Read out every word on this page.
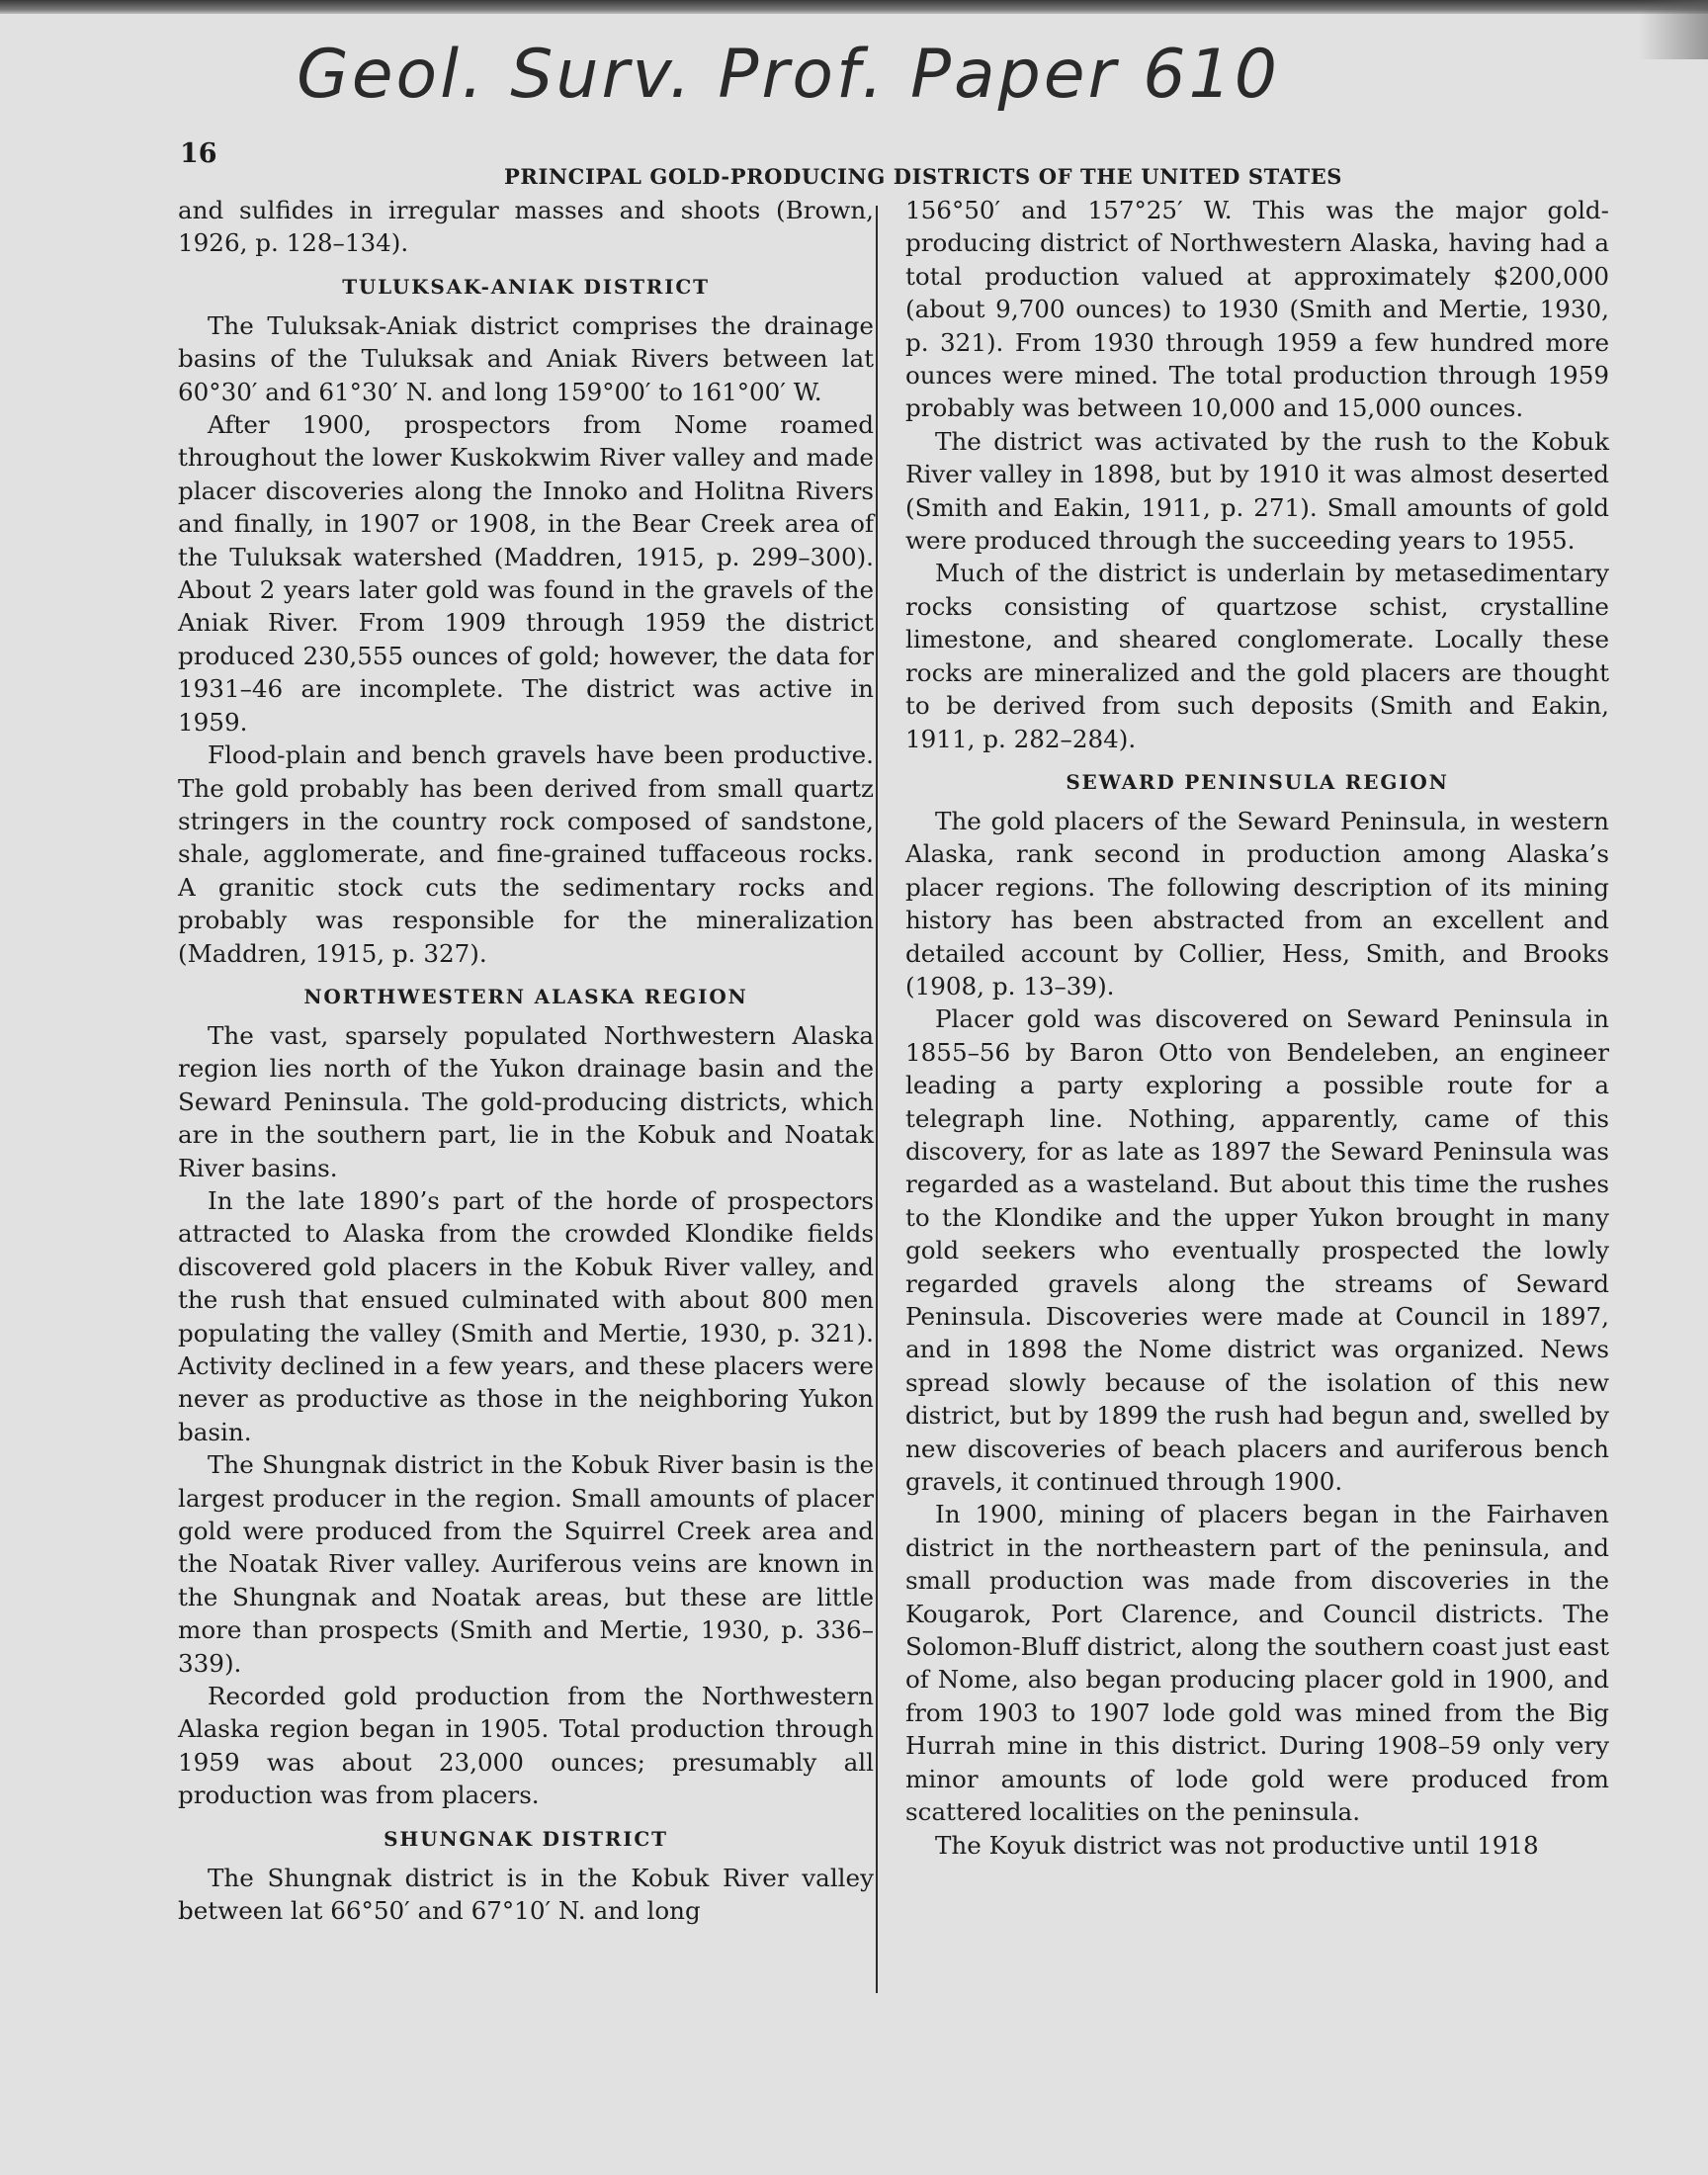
Geol. Surv. Prof. Paper 610
16
PRINCIPAL GOLD-PRODUCING DISTRICTS OF THE UNITED STATES

and sulfides in irregular masses and shoots (Brown, 1926, p. 128–134).

TULUKSAK-ANIAK DISTRICT

The Tuluksak-Aniak district comprises the drainage basins of the Tuluksak and Aniak Rivers between lat 60°30′ and 61°30′ N. and long 159°00′ to 161°00′ W.

After 1900, prospectors from Nome roamed throughout the lower Kuskokwim River valley and made placer discoveries along the Innoko and Holitna Rivers and finally, in 1907 or 1908, in the Bear Creek area of the Tuluksak watershed (Maddren, 1915, p. 299–300). About 2 years later gold was found in the gravels of the Aniak River. From 1909 through 1959 the district produced 230,555 ounces of gold; however, the data for 1931–46 are incomplete. The district was active in 1959.

Flood-plain and bench gravels have been productive. The gold probably has been derived from small quartz stringers in the country rock composed of sandstone, shale, agglomerate, and fine-grained tuffaceous rocks. A granitic stock cuts the sedimentary rocks and probably was responsible for the mineralization (Maddren, 1915, p. 327).

NORTHWESTERN ALASKA REGION

The vast, sparsely populated Northwestern Alaska region lies north of the Yukon drainage basin and the Seward Peninsula. The gold-producing districts, which are in the southern part, lie in the Kobuk and Noatak River basins.

In the late 1890’s part of the horde of prospectors attracted to Alaska from the crowded Klondike fields discovered gold placers in the Kobuk River valley, and the rush that ensued culminated with about 800 men populating the valley (Smith and Mertie, 1930, p. 321). Activity declined in a few years, and these placers were never as productive as those in the neighboring Yukon basin.

The Shungnak district in the Kobuk River basin is the largest producer in the region. Small amounts of placer gold were produced from the Squirrel Creek area and the Noatak River valley. Auriferous veins are known in the Shungnak and Noatak areas, but these are little more than prospects (Smith and Mertie, 1930, p. 336–339).

Recorded gold production from the Northwestern Alaska region began in 1905. Total production through 1959 was about 23,000 ounces; presumably all production was from placers.

SHUNGNAK DISTRICT

The Shungnak district is in the Kobuk River valley between lat 66°50′ and 67°10′ N. and long

156°50′ and 157°25′ W. This was the major gold-producing district of Northwestern Alaska, having had a total production valued at approximately $200,000 (about 9,700 ounces) to 1930 (Smith and Mertie, 1930, p. 321). From 1930 through 1959 a few hundred more ounces were mined. The total production through 1959 probably was between 10,000 and 15,000 ounces.

The district was activated by the rush to the Kobuk River valley in 1898, but by 1910 it was almost deserted (Smith and Eakin, 1911, p. 271). Small amounts of gold were produced through the succeeding years to 1955.

Much of the district is underlain by metasedimentary rocks consisting of quartzose schist, crystalline limestone, and sheared conglomerate. Locally these rocks are mineralized and the gold placers are thought to be derived from such deposits (Smith and Eakin, 1911, p. 282–284).

SEWARD PENINSULA REGION

The gold placers of the Seward Peninsula, in western Alaska, rank second in production among Alaska’s placer regions. The following description of its mining history has been abstracted from an excellent and detailed account by Collier, Hess, Smith, and Brooks (1908, p. 13–39).

Placer gold was discovered on Seward Peninsula in 1855–56 by Baron Otto von Bendeleben, an engineer leading a party exploring a possible route for a telegraph line. Nothing, apparently, came of this discovery, for as late as 1897 the Seward Peninsula was regarded as a wasteland. But about this time the rushes to the Klondike and the upper Yukon brought in many gold seekers who eventually prospected the lowly regarded gravels along the streams of Seward Peninsula. Discoveries were made at Council in 1897, and in 1898 the Nome district was organized. News spread slowly because of the isolation of this new district, but by 1899 the rush had begun and, swelled by new discoveries of beach placers and auriferous bench gravels, it continued through 1900.

In 1900, mining of placers began in the Fairhaven district in the northeastern part of the peninsula, and small production was made from discoveries in the Kougarok, Port Clarence, and Council districts. The Solomon-Bluff district, along the southern coast just east of Nome, also began producing placer gold in 1900, and from 1903 to 1907 lode gold was mined from the Big Hurrah mine in this district. During 1908–59 only very minor amounts of lode gold were produced from scattered localities on the peninsula.

The Koyuk district was not productive until 1918
